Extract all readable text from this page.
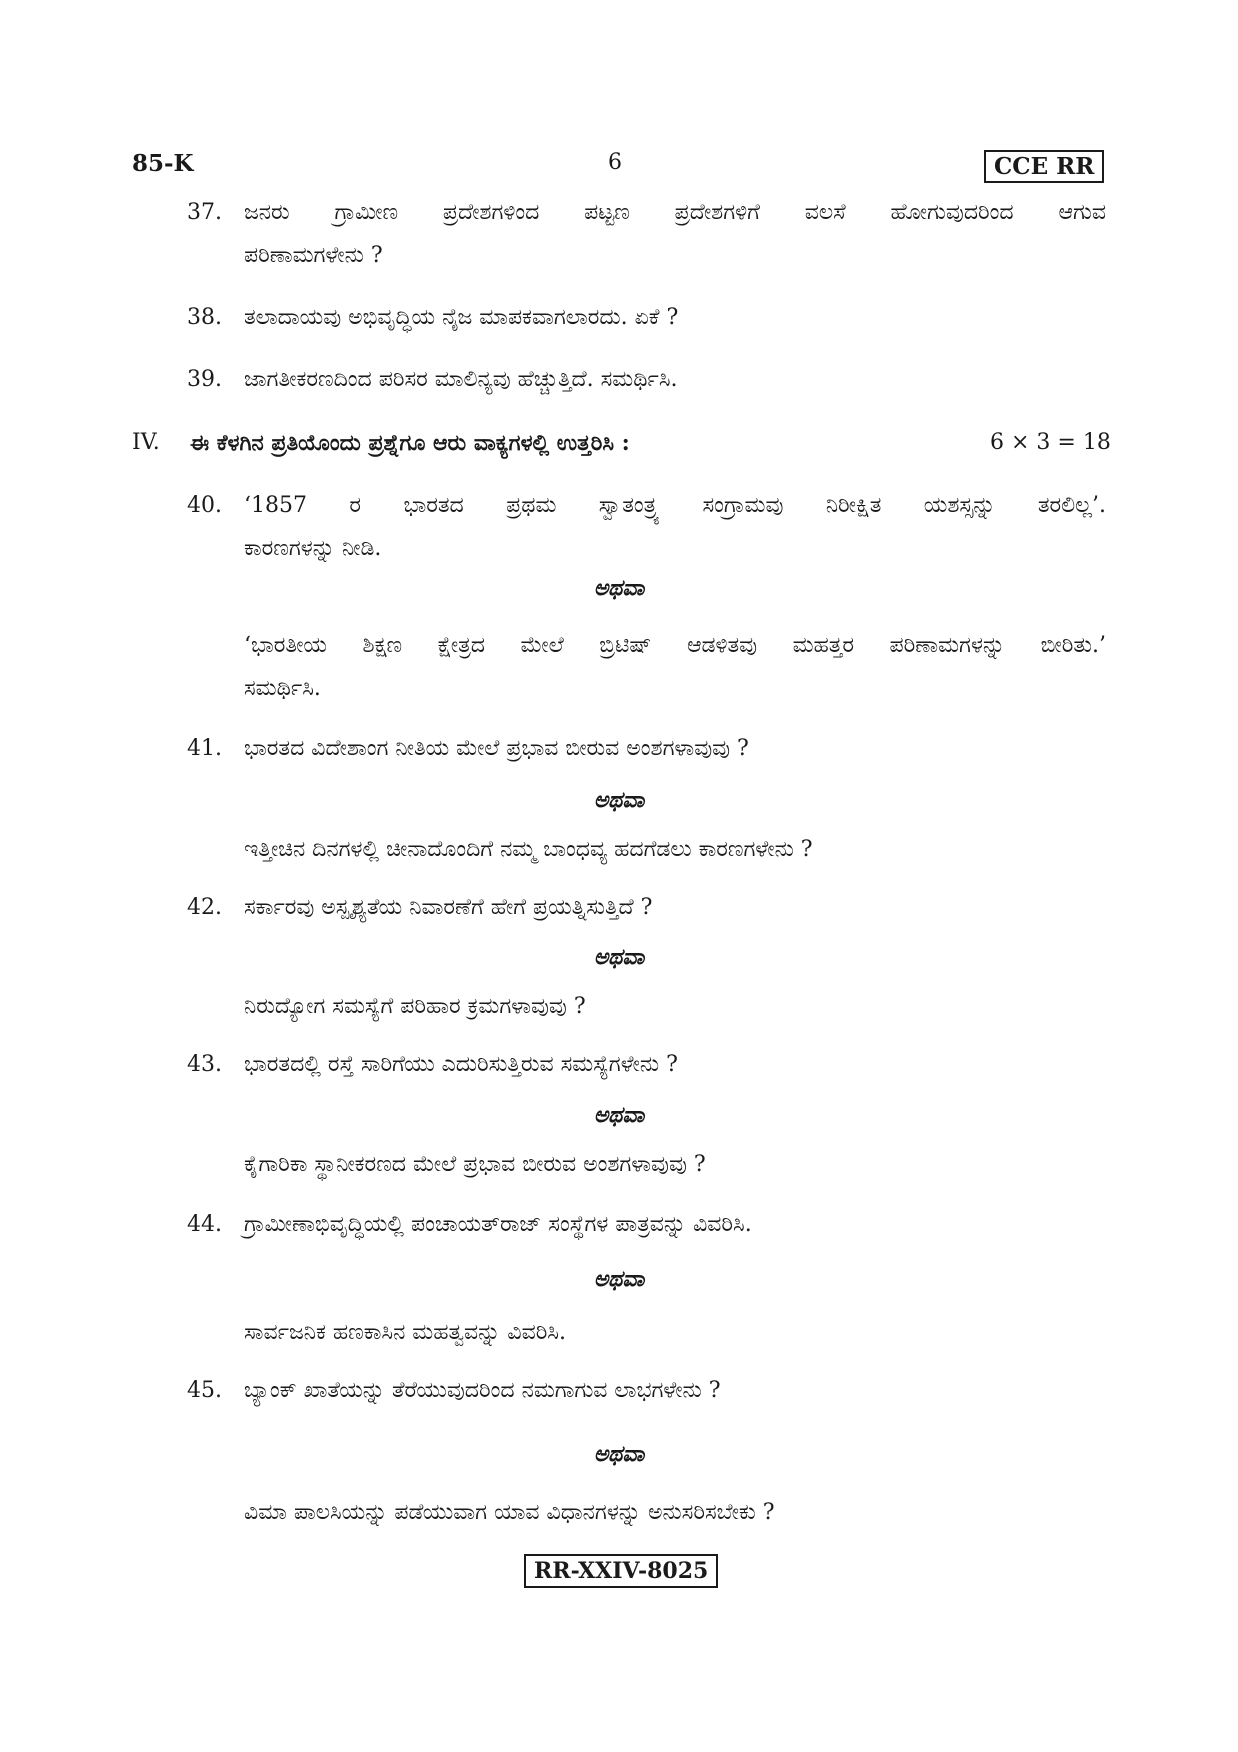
85-K	6	CCE RR
37. ಜನರು ಗ್ರಾಮೀಣ ಪ್ರದೇಶಗಳಿಂದ ಪಟ್ಟಣ ಪ್ರದೇಶಗಳಿಗೆ ವಲಸೆ ಹೋಗುವುದರಿಂದ ಆಗುವ
ಪರಿಣಾಮಗಳೇನು ?
38. ತಲಾದಾಯವು ಅಭಿವೃದ್ಧಿಯ ನೈಜ ಮಾಪಕವಾಗಲಾರದು. ಏಕೆ ?
39. ಜಾಗತೀಕರಣದಿಂದ ಪರಿಸರ ಮಾಲಿನ್ಯವು ಹೆಚ್ಚುತ್ತಿದೆ. ಸಮರ್ಥಿಸಿ.
IV. ಈ ಕೆಳಗಿನ ಪ್ರತಿಯೊಂದು ಪ್ರಶ್ನೆಗೂ ಆರು ವಾಕ್ಯಗಳಲ್ಲಿ ಉತ್ತರಿಸಿ :	6 × 3 = 18
40. ‘1857 ರ ಭಾರತದ ಪ್ರಥಮ ಸ್ವಾತಂತ್ರ್ಯ ಸಂಗ್ರಾಮವು ನಿರೀಕ್ಷಿತ ಯಶಸ್ಸನ್ನು ತರಲಿಲ್ಲ’.
ಕಾರಣಗಳನ್ನು ನೀಡಿ.
ಅಥವಾ
‘ಭಾರತೀಯ ಶಿಕ್ಷಣ ಕ್ಷೇತ್ರದ ಮೇಲೆ ಬ್ರಿಟಿಷ್ ಆಡಳಿತವು ಮಹತ್ತರ ಪರಿಣಾಮಗಳನ್ನು ಬೀರಿತು.’
ಸಮರ್ಥಿಸಿ.
41. ಭಾರತದ ವಿದೇಶಾಂಗ ನೀತಿಯ ಮೇಲೆ ಪ್ರಭಾವ ಬೀರುವ ಅಂಶಗಳಾವುವು ?
ಅಥವಾ
ಇತ್ತೀಚಿನ ದಿನಗಳಲ್ಲಿ ಚೀನಾದೊಂದಿಗೆ ನಮ್ಮ ಬಾಂಧವ್ಯ ಹದಗೆಡಲು ಕಾರಣಗಳೇನು ?
42. ಸರ್ಕಾರವು ಅಸ್ಪೃಶ್ಯತೆಯ ನಿವಾರಣೆಗೆ ಹೇಗೆ ಪ್ರಯತ್ನಿಸುತ್ತಿದೆ ?
ಅಥವಾ
ನಿರುದ್ಯೋಗ ಸಮಸ್ಯೆಗೆ ಪರಿಹಾರ ಕ್ರಮಗಳಾವುವು ?
43. ಭಾರತದಲ್ಲಿ ರಸ್ತೆ ಸಾರಿಗೆಯು ಎದುರಿಸುತ್ತಿರುವ ಸಮಸ್ಯೆಗಳೇನು ?
ಅಥವಾ
ಕೈಗಾರಿಕಾ ಸ್ಥಾನೀಕರಣದ ಮೇಲೆ ಪ್ರಭಾವ ಬೀರುವ ಅಂಶಗಳಾವುವು ?
44. ಗ್ರಾಮೀಣಾಭಿವೃದ್ಧಿಯಲ್ಲಿ ಪಂಚಾಯತ್‌ರಾಜ್ ಸಂಸ್ಥೆಗಳ ಪಾತ್ರವನ್ನು ವಿವರಿಸಿ.
ಅಥವಾ
ಸಾರ್ವಜನಿಕ ಹಣಕಾಸಿನ ಮಹತ್ವವನ್ನು ವಿವರಿಸಿ.
45. ಬ್ಯಾಂಕ್ ಖಾತೆಯನ್ನು ತೆರೆಯುವುದರಿಂದ ನಮಗಾಗುವ ಲಾಭಗಳೇನು ?
ಅಥವಾ
ವಿಮಾ ಪಾಲಸಿಯನ್ನು ಪಡೆಯುವಾಗ ಯಾವ ವಿಧಾನಗಳನ್ನು ಅನುಸರಿಸಬೇಕು ?
RR-XXIV-8025
